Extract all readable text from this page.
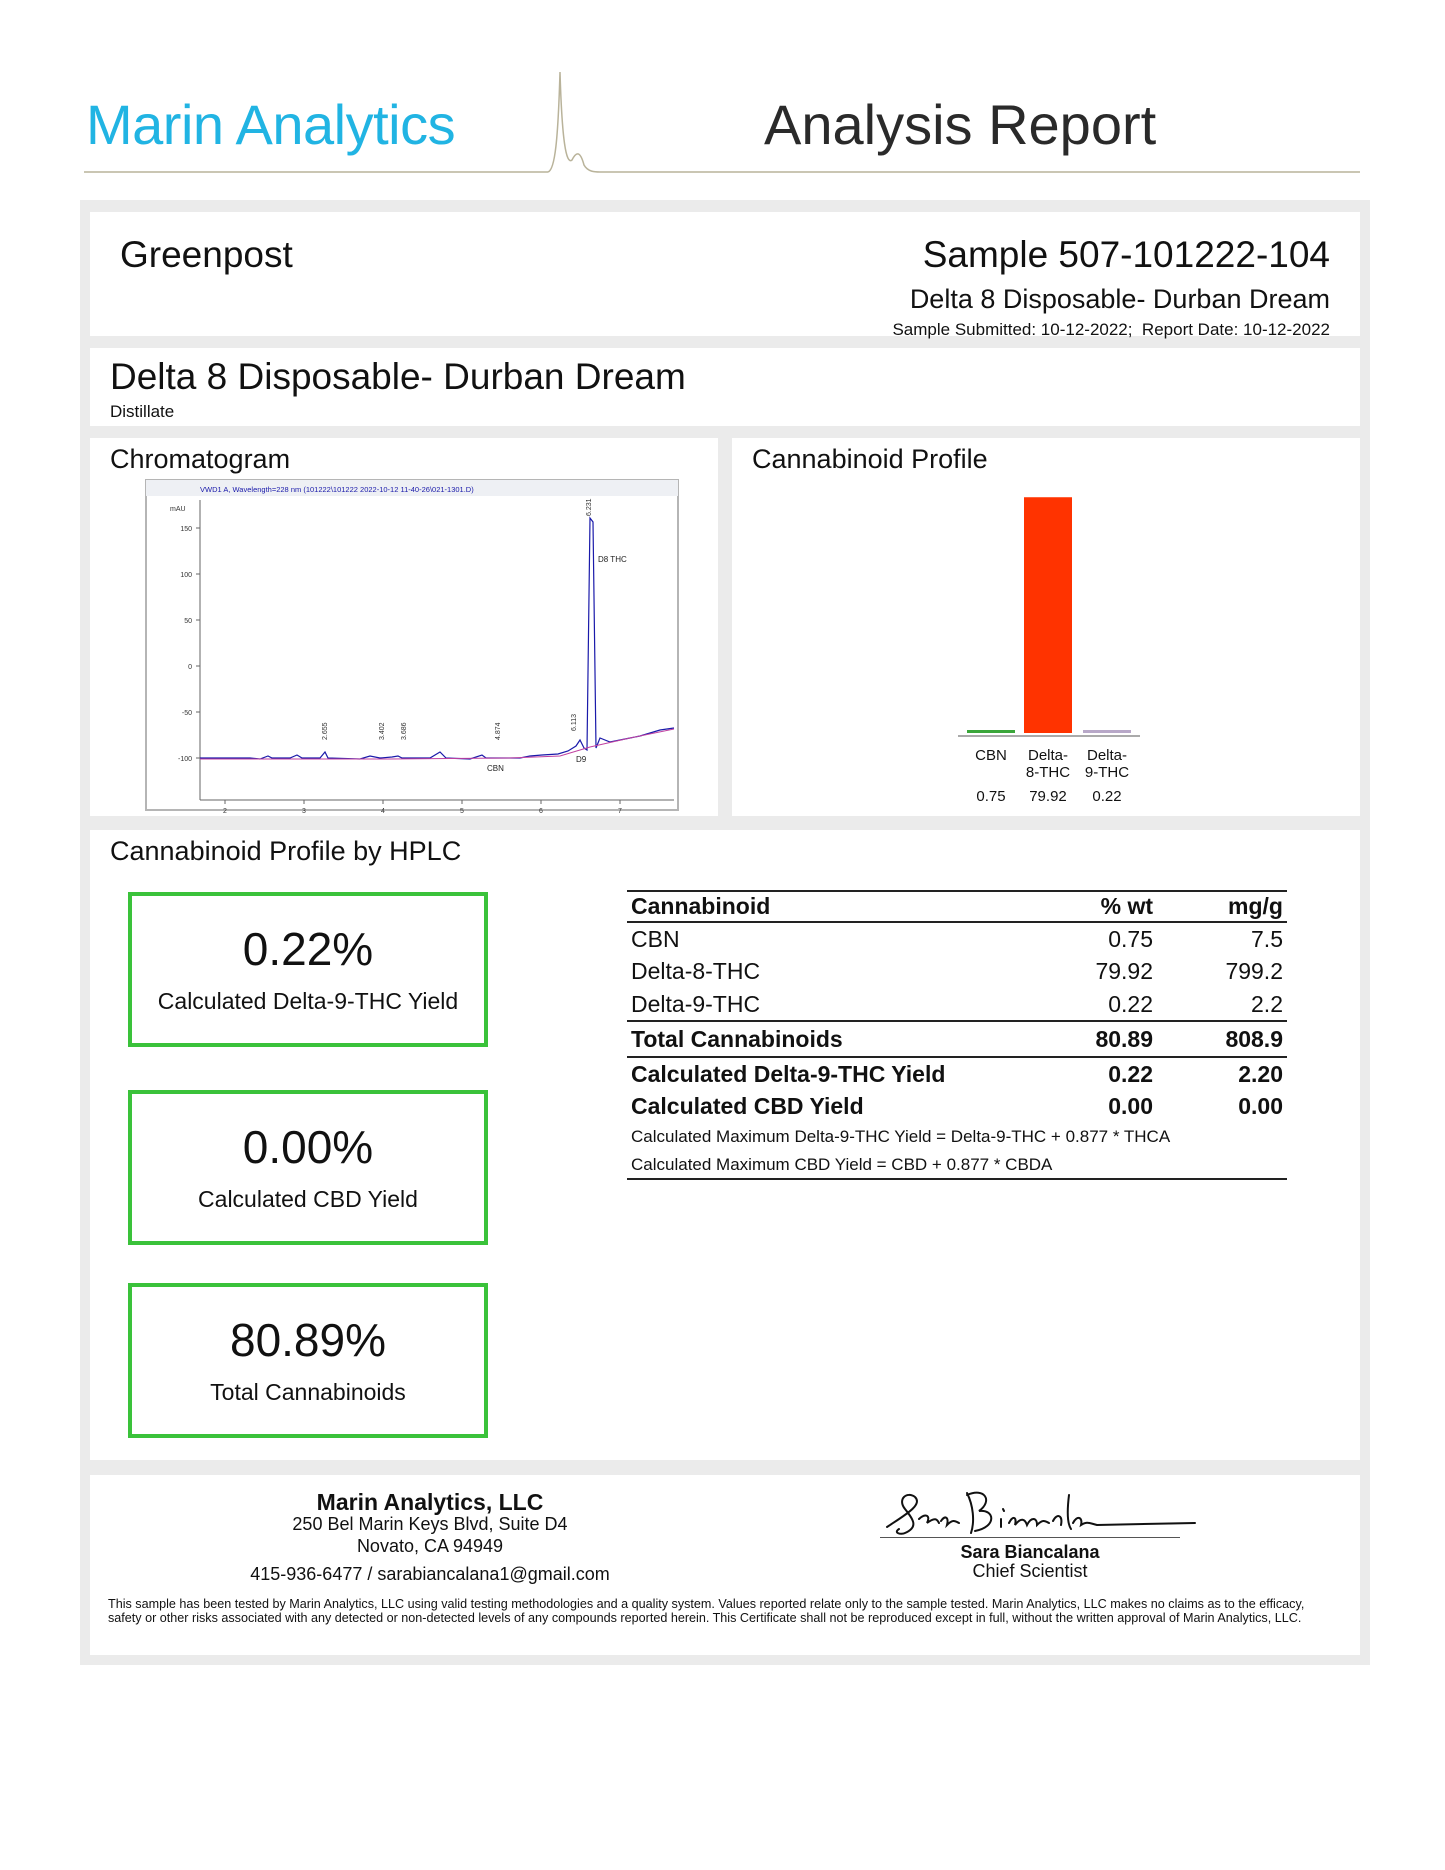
Marin Analytics	Analysis Report
Greenpost	Sample 507-101222-104
Delta 8 Disposable- Durban Dream
Sample Submitted: 10-12-2022;  Report Date: 10-12-2022
Delta 8 Disposable- Durban Dream
Distillate
Chromatogram
VWD1 A, Wavelength=228 nm (101222\101222 2022-10-12 11-40-26\021-1301.D)
mAU
150
100
50
0
-50
-100
2	3	4	5	6	7
2.655	3.402 3.686	4.874	6.113
6.231
D8 THC
CBN
D9
Cannabinoid Profile
CBN
0.75
Delta-
8-THC
79.92
Delta-
9-THC
0.22
Cannabinoid Profile by HPLC
0.22%
Calculated Delta-9-THC Yield
0.00%
Calculated CBD Yield
80.89%
Total Cannabinoids
Cannabinoid	% wt	mg/g
CBN	0.75	7.5
Delta-8-THC	79.92	799.2
Delta-9-THC	0.22	2.2
Total Cannabinoids	80.89	808.9
Calculated Delta-9-THC Yield	0.22	2.20
Calculated CBD Yield	0.00	0.00
Calculated Maximum Delta-9-THC Yield = Delta-9-THC + 0.877 * THCA		
Calculated Maximum CBD Yield = CBD + 0.877 * CBDA		
Marin Analytics, LLC
250 Bel Marin Keys Blvd, Suite D4
Novato, CA 94949
415-936-6477 / sarabiancalana1@gmail.com
Sara Biancalana
Chief Scientist
This sample has been tested by Marin Analytics, LLC using valid testing methodologies and a quality system. Values reported relate only to the sample tested. Marin Analytics, LLC makes no claims as to the efficacy, safety or other risks associated with any detected or non-detected levels of any compounds reported herein. This Certificate shall not be reproduced except in full, without the written approval of Marin Analytics, LLC.
